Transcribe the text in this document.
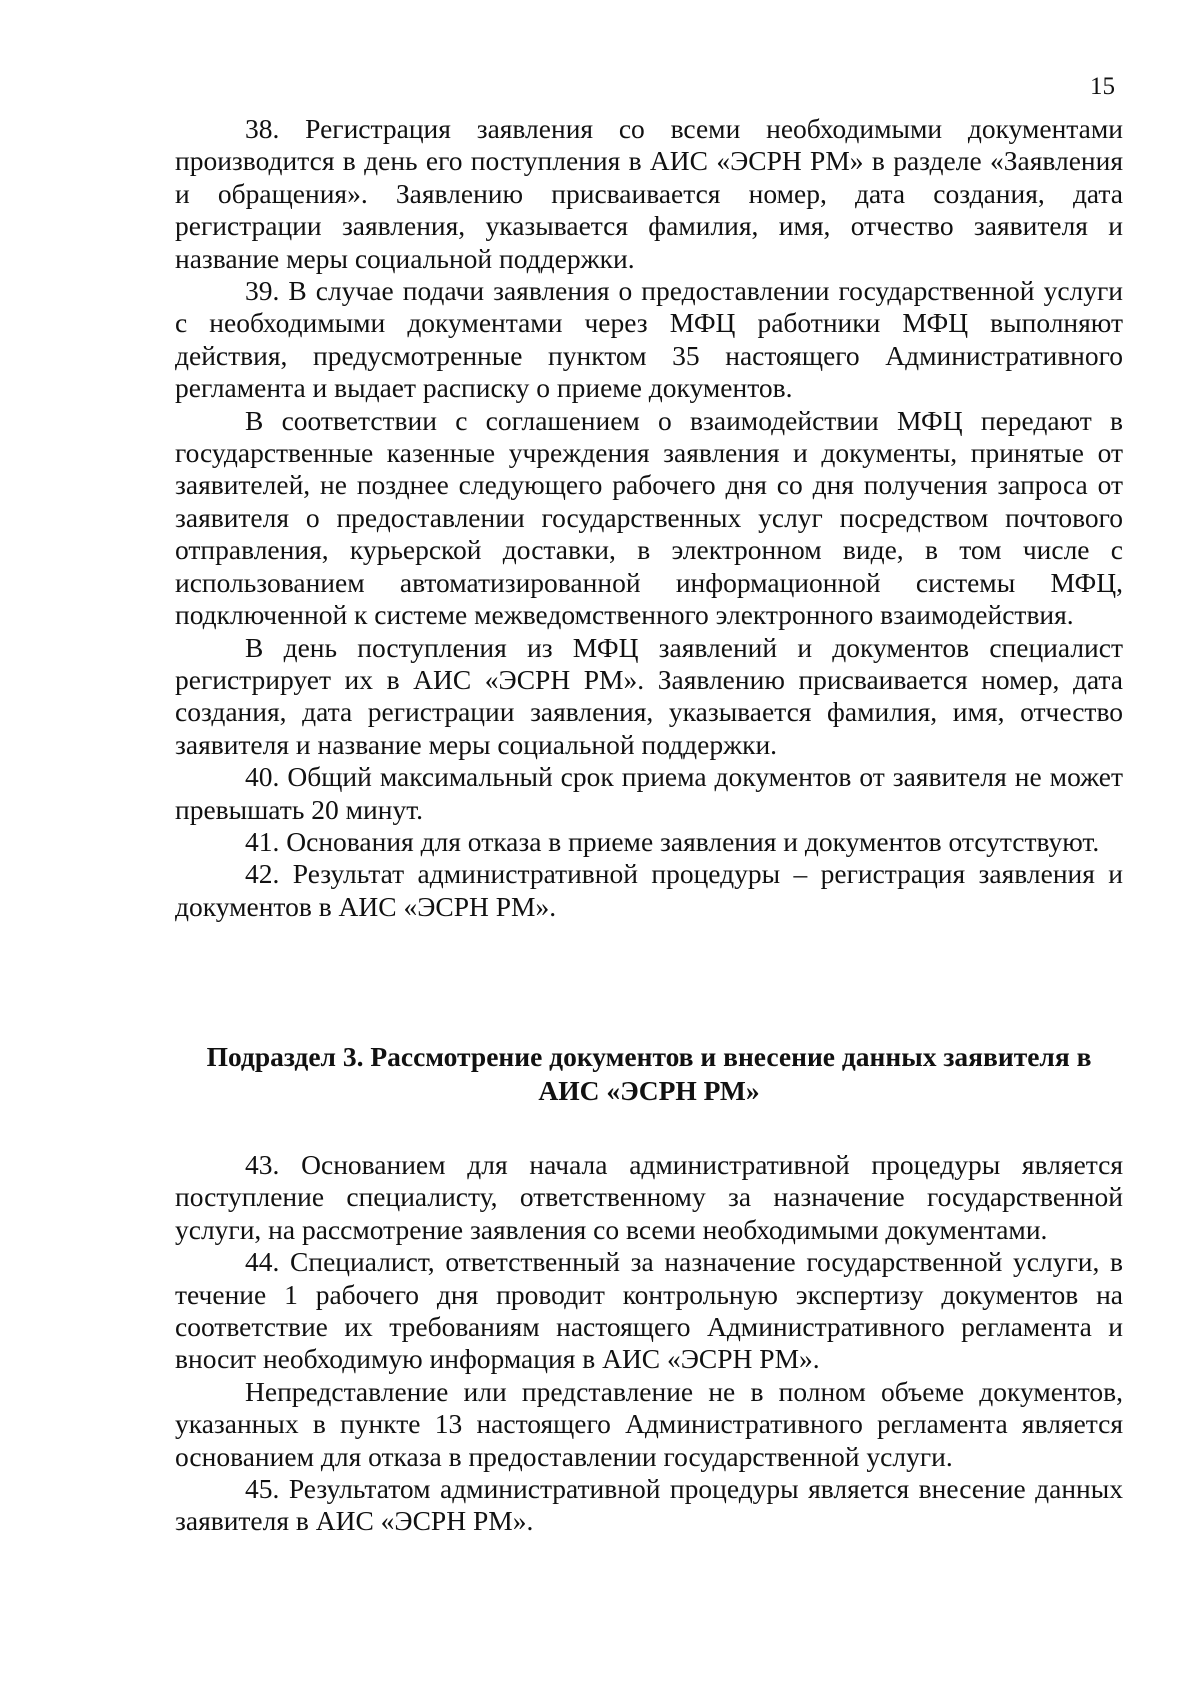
15

38. Регистрация заявления со всеми необходимыми документами производится в день его поступления в АИС «ЭСРН РМ» в разделе «Заявления и обращения». Заявлению присваивается номер, дата создания, дата регистрации заявления, указывается фамилия, имя, отчество заявителя и название меры социальной поддержки.

39. В случае подачи заявления о предоставлении государственной услуги с необходимыми документами через МФЦ работники МФЦ выполняют действия, предусмотренные пунктом 35 настоящего Административного регламента и выдает расписку о приеме документов.

В соответствии с соглашением о взаимодействии МФЦ передают в государственные казенные учреждения заявления и документы, принятые от заявителей, не позднее следующего рабочего дня со дня получения запроса от заявителя о предоставлении государственных услуг посредством почтового отправления, курьерской доставки, в электронном виде, в том числе с использованием автоматизированной информационной системы МФЦ, подключенной к системе межведомственного электронного взаимодействия.

В день поступления из МФЦ заявлений и документов специалист регистрирует их в АИС «ЭСРН РМ». Заявлению присваивается номер, дата создания, дата регистрации заявления, указывается фамилия, имя, отчество заявителя и название меры социальной поддержки.

40. Общий максимальный срок приема документов от заявителя не может превышать 20 минут.

41. Основания для отказа в приеме заявления и документов отсутствуют.

42. Результат административной процедуры – регистрация заявления и документов в АИС «ЭСРН РМ».

Подраздел 3. Рассмотрение документов и внесение данных заявителя в АИС «ЭСРН РМ»

43. Основанием для начала административной процедуры является поступление специалисту, ответственному за назначение государственной услуги, на рассмотрение заявления со всеми необходимыми документами.

44. Специалист, ответственный за назначение государственной услуги, в течение 1 рабочего дня проводит контрольную экспертизу документов на соответствие их требованиям настоящего Административного регламента и вносит необходимую информация в АИС «ЭСРН РМ».

Непредставление или представление не в полном объеме документов, указанных в пункте 13 настоящего Административного регламента является основанием для отказа в предоставлении государственной услуги.

45. Результатом административной процедуры является внесение данных заявителя в АИС «ЭСРН РМ».
